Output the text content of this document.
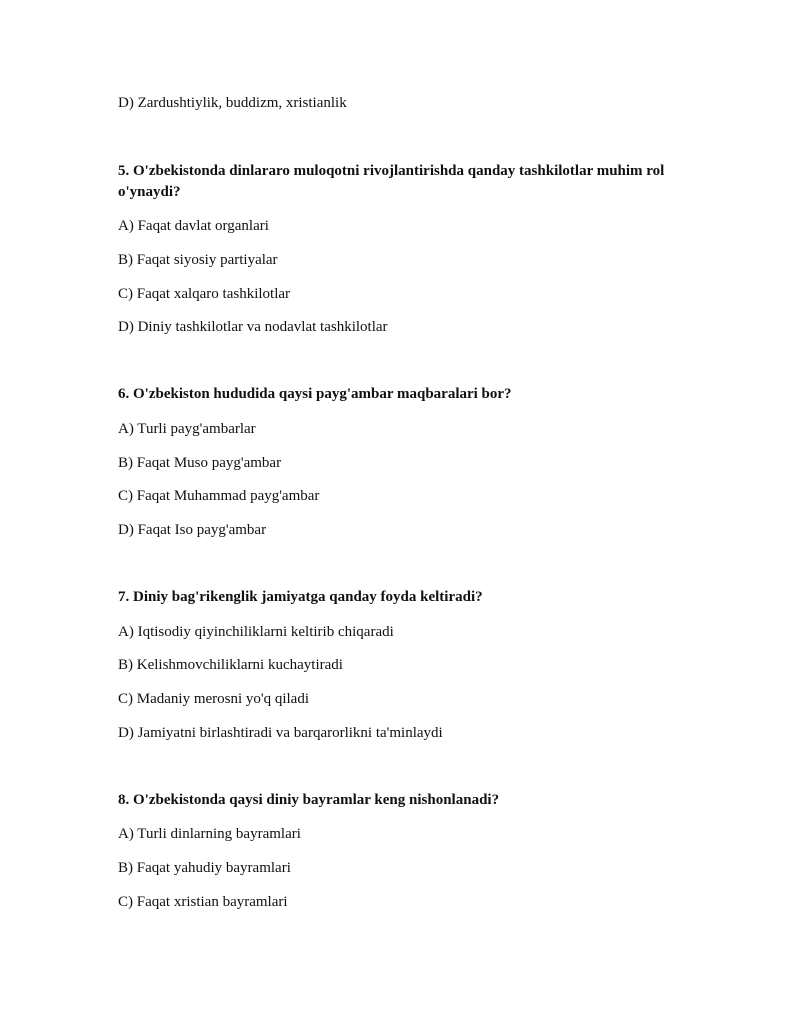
D) Zardushtiylik, buddizm, xristianlik
5. O'zbekistonda dinlararo muloqotni rivojlantirishda qanday tashkilotlar muhim rol o'ynaydi?
A) Faqat davlat organlari
B) Faqat siyosiy partiyalar
C) Faqat xalqaro tashkilotlar
D) Diniy tashkilotlar va nodavlat tashkilotlar
6. O'zbekiston hududida qaysi payg'ambar maqbaralari bor?
A) Turli payg'ambarlar
B) Faqat Muso payg'ambar
C) Faqat Muhammad payg'ambar
D) Faqat Iso payg'ambar
7. Diniy bag'rikenglik jamiyatga qanday foyda keltiradi?
A) Iqtisodiy qiyinchiliklarni keltirib chiqaradi
B) Kelishmovchiliklarni kuchaytiradi
C) Madaniy merosni yo'q qiladi
D) Jamiyatni birlashtiradi va barqarorlikni ta'minlaydi
8. O'zbekistonda qaysi diniy bayramlar keng nishonlanadi?
A) Turli dinlarning bayramlari
B) Faqat yahudiy bayramlari
C) Faqat xristian bayramlari
